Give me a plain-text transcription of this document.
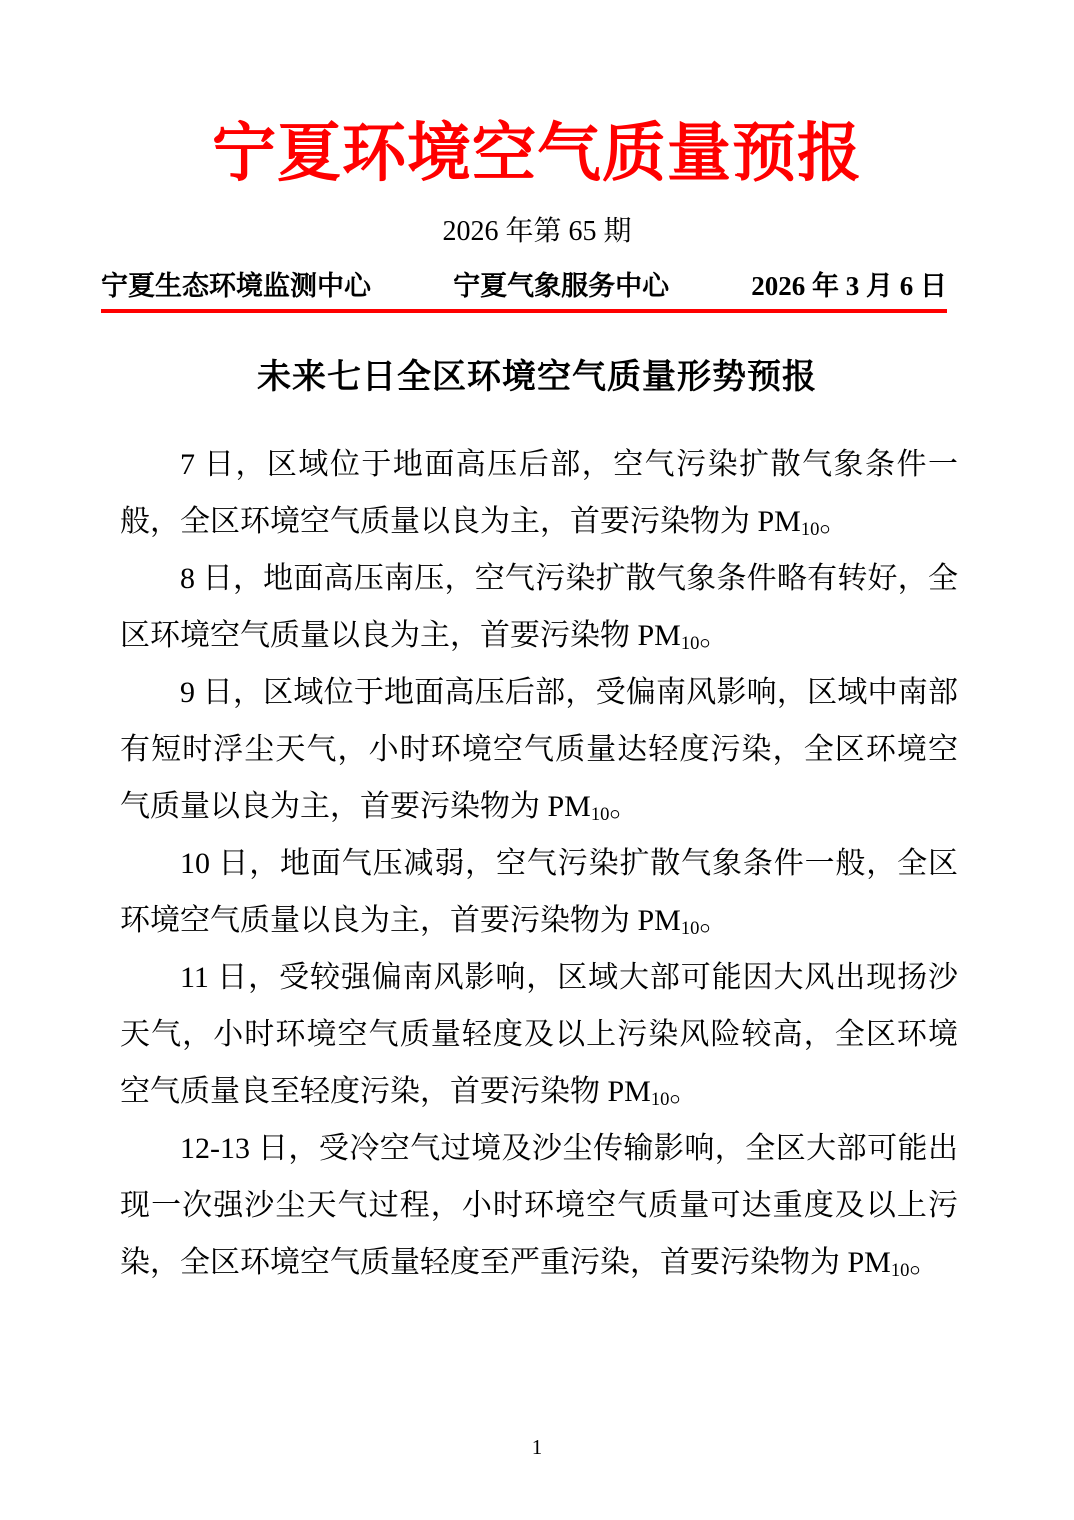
宁夏环境空气质量预报
2026 年第 65 期
宁夏生态环境监测中心	宁夏气象服务中心	2026 年 3 月 6 日
未来七日全区环境空气质量形势预报

7 日，区域位于地面高压后部，空气污染扩散气象条件一般，全区环境空气质量以良为主，首要污染物为 $PM_{10}$。

8 日，地面高压南压，空气污染扩散气象条件略有转好，全区环境空气质量以良为主，首要污染物 $PM_{10}$。

9 日，区域位于地面高压后部，受偏南风影响，区域中南部有短时浮尘天气，小时环境空气质量达轻度污染，全区环境空气质量以良为主，首要污染物为 $PM_{10}$。

10 日，地面气压减弱，空气污染扩散气象条件一般，全区环境空气质量以良为主，首要污染物为 $PM_{10}$。

11 日，受较强偏南风影响，区域大部可能因大风出现扬沙天气，小时环境空气质量轻度及以上污染风险较高，全区环境空气质量良至轻度污染，首要污染物 $PM_{10}$。

12-13 日，受冷空气过境及沙尘传输影响，全区大部可能出现一次强沙尘天气过程，小时环境空气质量可达重度及以上污染，全区环境空气质量轻度至严重污染，首要污染物为 $PM_{10}$。

1
